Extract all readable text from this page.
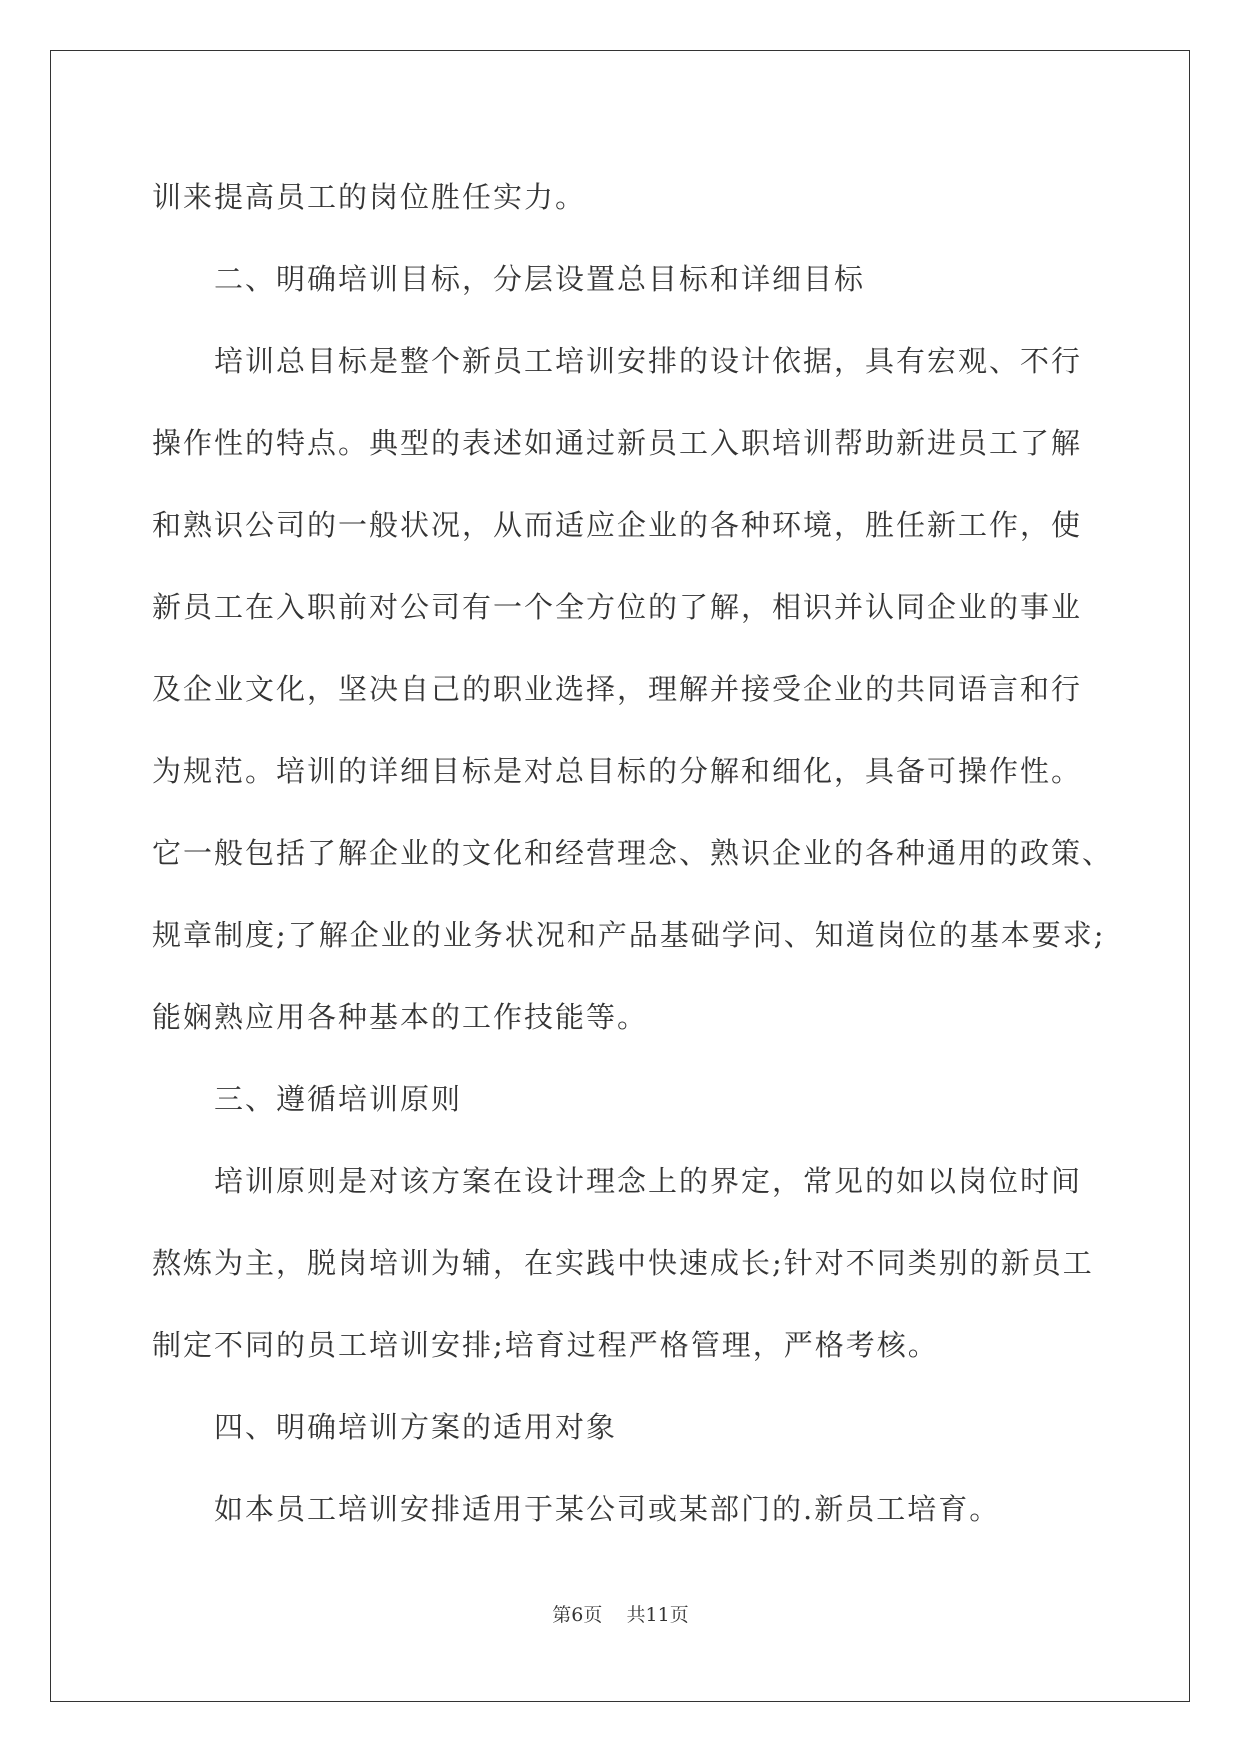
训来提高员工的岗位胜任实力。
二、明确培训目标，分层设置总目标和详细目标
培训总目标是整个新员工培训安排的设计依据，具有宏观、不行
操作性的特点。典型的表述如通过新员工入职培训帮助新进员工了解
和熟识公司的一般状况，从而适应企业的各种环境，胜任新工作，使
新员工在入职前对公司有一个全方位的了解，相识并认同企业的事业
及企业文化，坚决自己的职业选择，理解并接受企业的共同语言和行
为规范。培训的详细目标是对总目标的分解和细化，具备可操作性。
它一般包括了解企业的文化和经营理念、熟识企业的各种通用的政策、
规章制度;了解企业的业务状况和产品基础学问、知道岗位的基本要求;
能娴熟应用各种基本的工作技能等。
三、遵循培训原则
培训原则是对该方案在设计理念上的界定，常见的如以岗位时间
熬炼为主，脱岗培训为辅，在实践中快速成长;针对不同类别的新员工
制定不同的员工培训安排;培育过程严格管理，严格考核。
四、明确培训方案的适用对象
如本员工培训安排适用于某公司或某部门的.新员工培育。
第6页 共11页
